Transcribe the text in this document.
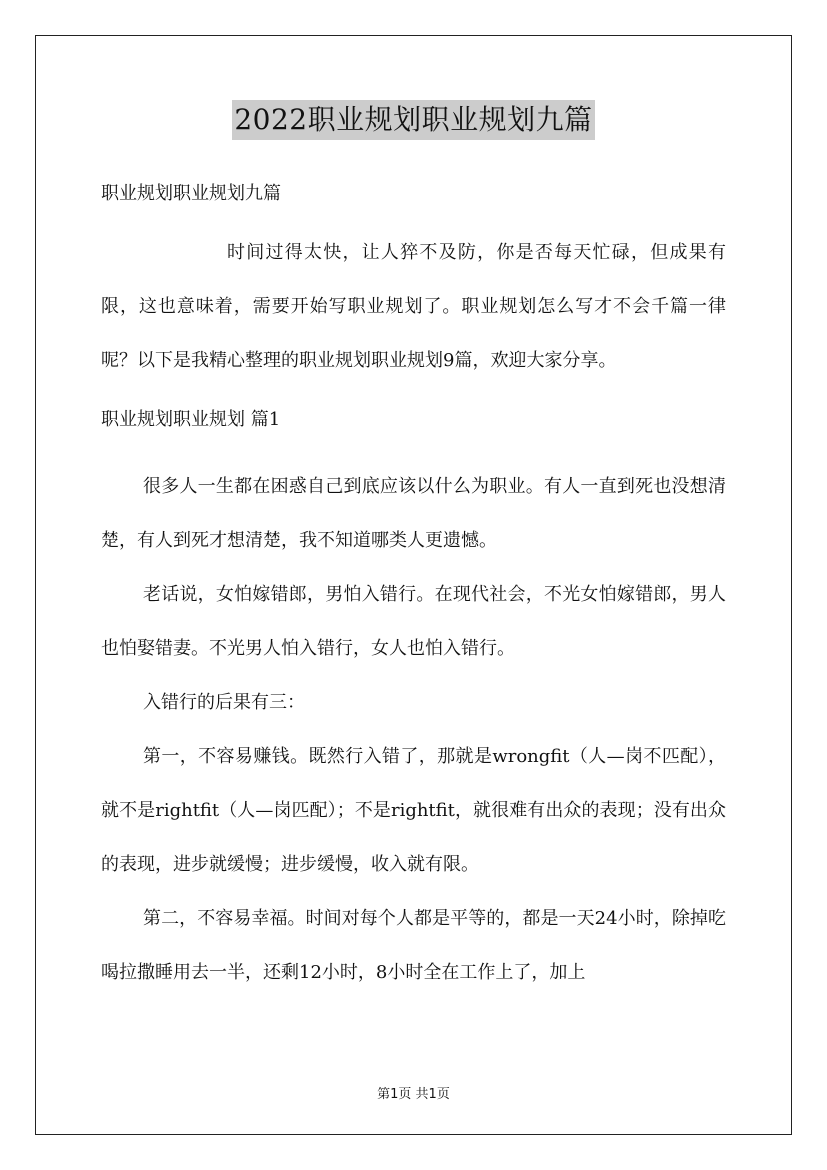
2022职业规划职业规划九篇

职业规划职业规划九篇

时间过得太快，让人猝不及防，你是否每天忙碌，但成果有限，这也意味着，需要开始写职业规划了。职业规划怎么写才不会千篇一律呢？以下是我精心整理的职业规划职业规划9篇，欢迎大家分享。

职业规划职业规划 篇1

很多人一生都在困惑自己到底应该以什么为职业。有人一直到死也没想清楚，有人到死才想清楚，我不知道哪类人更遗憾。

老话说，女怕嫁错郎，男怕入错行。在现代社会，不光女怕嫁错郎，男人也怕娶错妻。不光男人怕入错行，女人也怕入错行。

入错行的后果有三：

第一，不容易赚钱。既然行入错了，那就是wrongfit（人—岗不匹配），就不是rightfit（人—岗匹配）；不是rightfit，就很难有出众的表现；没有出众的表现，进步就缓慢；进步缓慢，收入就有限。

第二，不容易幸福。时间对每个人都是平等的，都是一天24小时，除掉吃喝拉撒睡用去一半，还剩12小时，8小时全在工作上了，加上

第1页 共1页
